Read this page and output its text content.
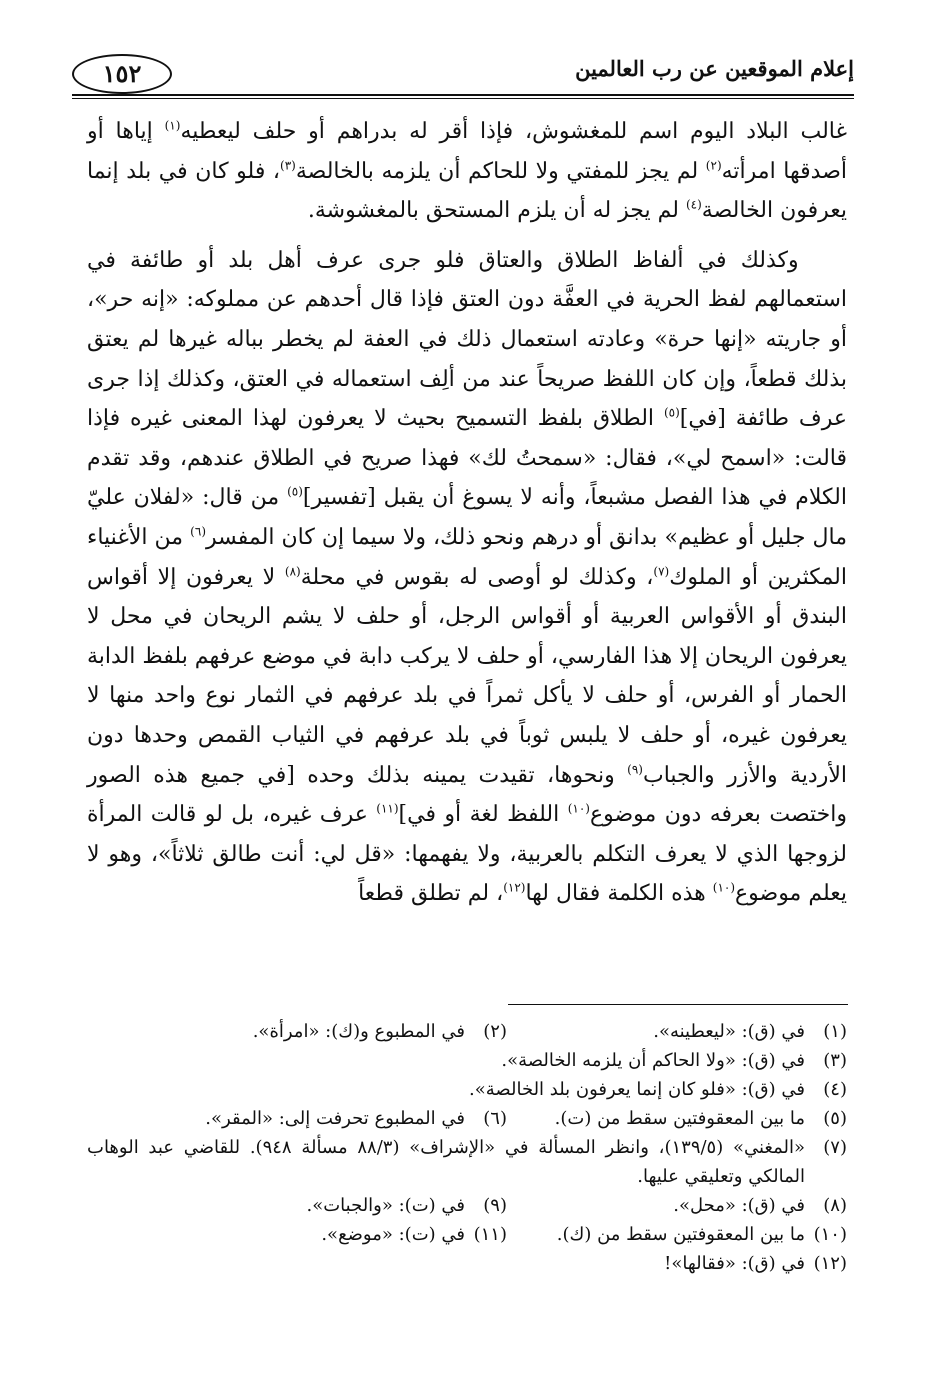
إعلام الموقعين عن رب العالمين
١٥٢

غالب البلاد اليوم اسم للمغشوش، فإذا أقر له بدراهم أو حلف ليعطيه$^{(١)}$ إياها أو أصدقها امرأته$^{(٢)}$ لم يجز للمفتي ولا للحاكم أن يلزمه بالخالصة$^{(٣)}$، فلو كان في بلد إنما يعرفون الخالصة$^{(٤)}$ لم يجز له أن يلزم المستحق بالمغشوشة.

وكذلك في ألفاظ الطلاق والعتاق فلو جرى عرف أهل بلد أو طائفة في استعمالهم لفظ الحرية في العفَّة دون العتق فإذا قال أحدهم عن مملوكه: «إنه حر»، أو جاريته «إنها حرة» وعادته استعمال ذلك في العفة لم يخطر بباله غيرها لم يعتق بذلك قطعاً، وإن كان اللفظ صريحاً عند من ألِف استعماله في العتق، وكذلك إذا جرى عرف طائفة [في]$^{(٥)}$ الطلاق بلفظ التسميح بحيث لا يعرفون لهذا المعنى غيره فإذا قالت: «اسمح لي»، فقال: «سمحتُ لك» فهذا صريح في الطلاق عندهم، وقد تقدم الكلام في هذا الفصل مشبعاً، وأنه لا يسوغ أن يقبل [تفسير]$^{(٥)}$ من قال: «لفلان عليّ مال جليل أو عظيم» بدانق أو درهم ونحو ذلك، ولا سيما إن كان المفسر$^{(٦)}$ من الأغنياء المكثرين أو الملوك$^{(٧)}$، وكذلك لو أوصى له بقوس في محلة$^{(٨)}$ لا يعرفون إلا أقواس البندق أو الأقواس العربية أو أقواس الرجل، أو حلف لا يشم الريحان في محل لا يعرفون الريحان إلا هذا الفارسي، أو حلف لا يركب دابة في موضع عرفهم بلفظ الدابة الحمار أو الفرس، أو حلف لا يأكل ثمراً في بلد عرفهم في الثمار نوع واحد منها لا يعرفون غيره، أو حلف لا يلبس ثوباً في بلد عرفهم في الثياب القمص وحدها دون الأردية والأزر والجباب$^{(٩)}$ ونحوها، تقيدت يمينه بذلك وحده [في جميع هذه الصور واختصت بعرفه دون موضوع$^{(١٠)}$ اللفظ لغة أو في]$^{(١١)}$ عرف غيره، بل لو قالت المرأة لزوجها الذي لا يعرف التكلم بالعربية، ولا يفهمها: «قل لي: أنت طالق ثلاثاً»، وهو لا يعلم موضوع$^{(١٠)}$ هذه الكلمة فقال لها$^{(١٢)}$، لم تطلق قطعاً

(١)
في (ق): «ليعطينه».
(٢)
في المطبوع و(ك): «امرأة».
(٣)
في (ق): «ولا الحاكم أن يلزمه الخالصة».
(٤)
في (ق): «فلو كان إنما يعرفون بلد الخالصة».
(٥)
ما بين المعقوفتين سقط من (ت).
(٦)
في المطبوع تحرفت إلى: «المقر».
(٧)
«المغني» (١٣٩/٥)، وانظر المسألة في «الإشراف» (٨٨/٣ مسألة ٩٤٨). للقاضي عبد الوهاب المالكي وتعليقي عليها.
(٨)
في (ق): «محل».
(٩)
في (ت): «والجبات».
(١٠)
ما بين المعقوفتين سقط من (ك).
(١١)
في (ت): «موضع».
(١٢)
في (ق): «فقالها»!
